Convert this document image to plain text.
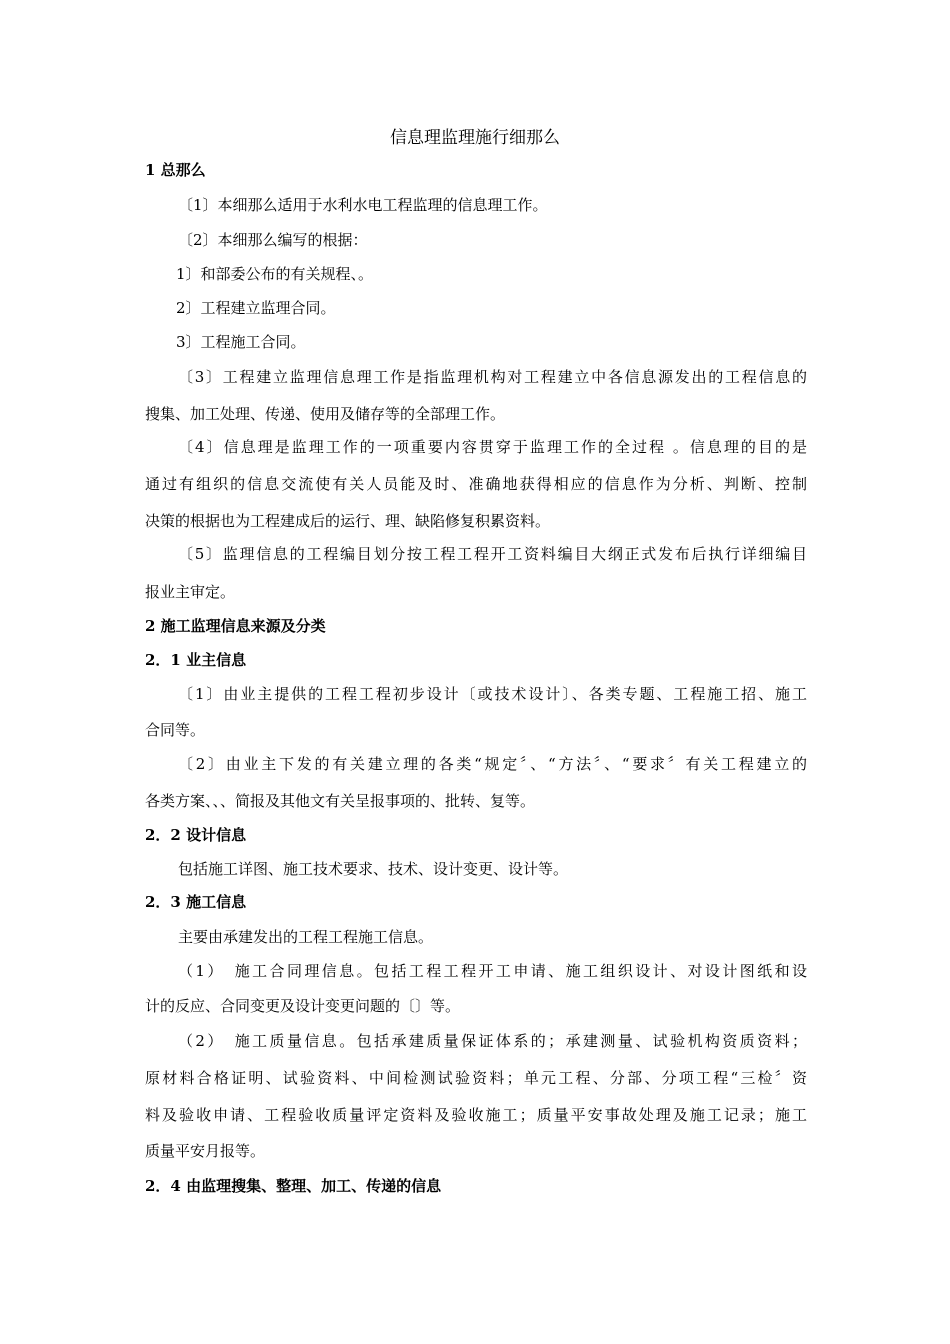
信息理监理施行细那么
1 总那么
〔1〕本细那么适用于水利水电工程监理的信息理工作。
〔2〕本细那么编写的根据：
1〕和部委公布的有关规程、。
2〕工程建立监理合同。
3〕工程施工合同。
〔3〕工程建立监理信息理工作是指监理机构对工程建立中各信息源发出的工程信息的
搜集、加工处理、传递、使用及储存等的全部理工作。
〔4〕信息理是监理工作的一项重要内容贯穿于监理工作的全过程 。信息理的目的是
通过有组织的信息交流使有关人员能及时、准确地获得相应的信息作为分析、判断、控制
决策的根据也为工程建成后的运行、理、缺陷修复积累资料。
〔5〕监理信息的工程编目划分按工程工程开工资料编目大纲正式发布后执行详细编目
报业主审定。
2 施工监理信息来源及分类
2．1 业主信息
〔1〕由业主提供的工程工程初步设计〔或技术设计〕、各类专题、工程施工招、施工
合同等。
〔2〕由业主下发的有关建立理的各类“规定〞、“方法〞、“要求〞有关工程建立的
各类方案、、、简报及其他文有关呈报事项的、批转、复等。
2．2 设计信息
包括施工详图、施工技术要求、技术、设计变更、设计等。
2．3 施工信息
主要由承建发出的工程工程施工信息。
（1）　施工合同理信息。包括工程工程开工申请、施工组织设计、对设计图纸和设
计的反应、合同变更及设计变更问题的〔〕等。
（2）　施工质量信息。包括承建质量保证体系的；承建测量、试验机构资质资料；
原材料合格证明、试验资料、中间检测试验资料；单元工程、分部、分项工程“三检〞资
料及验收申请、工程验收质量评定资料及验收施工；质量平安事故处理及施工记录；施工
质量平安月报等。
2．4 由监理搜集、整理、加工、传递的信息
